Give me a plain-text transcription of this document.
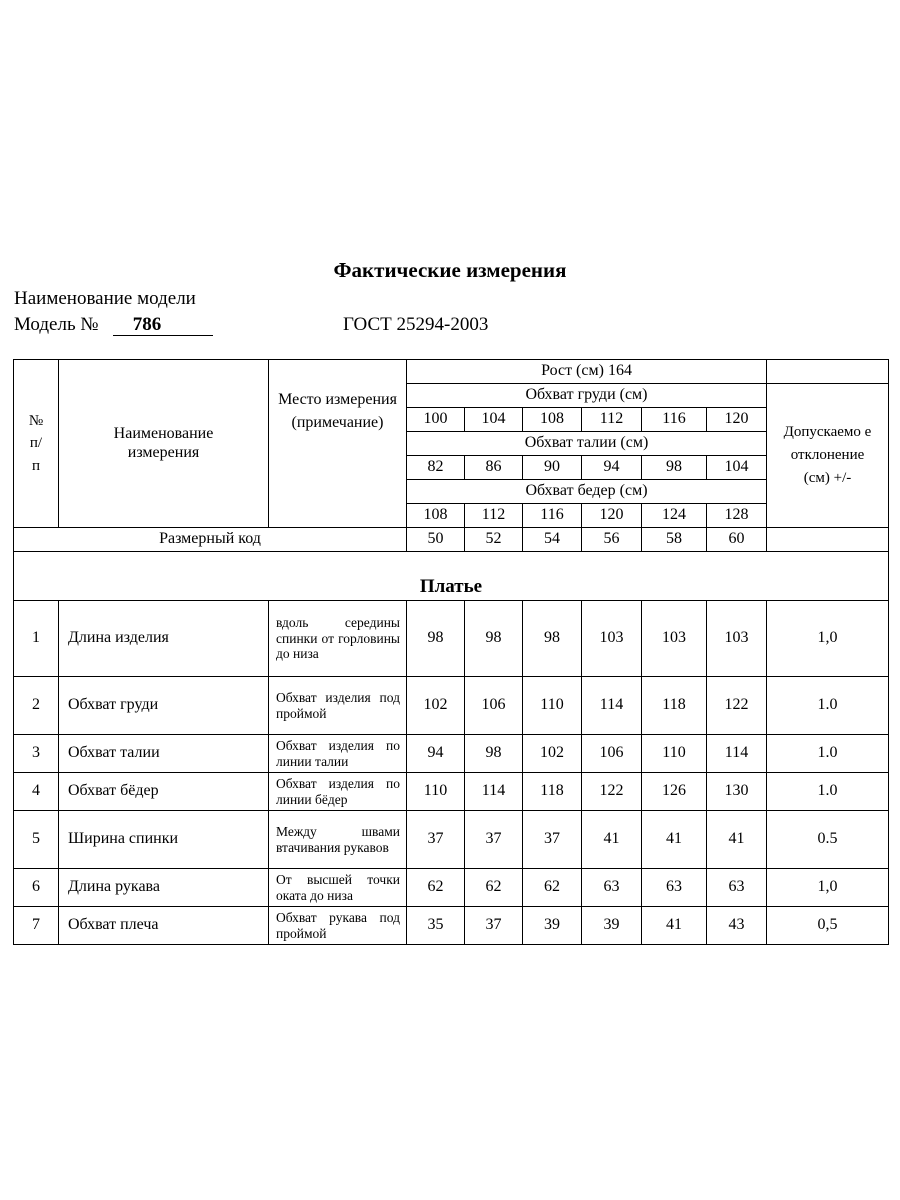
Фактические измерения
Наименование модели
Модель № 786	ГОСТ 25294-2003
№ п/ п	Наименование измерения	Место измерения (примечание)	Рост (см) 164						
			Обхват груди (см)						Допускаемо е отклонение (см) +/-
			100	104	108	112	116	120	
			Обхват талии (см)						
			82	86	90	94	98	104	
			Обхват бедер (см)						
			108	112	116	120	124	128	
Размерный код			50	52	54	56	58	60	
Платье									
1	Длина изделия	вдоль середины спинки от горловины до низа	98	98	98	103	103	103	1,0
2	Обхват груди	Обхват изделия под проймой	102	106	110	114	118	122	1.0
3	Обхват талии	Обхват изделия по линии талии	94	98	102	106	110	114	1.0
4	Обхват бёдер	Обхват изделия по линии бёдер	110	114	118	122	126	130	1.0
5	Ширина спинки	Между швами втачивания рукавов	37	37	37	41	41	41	0.5
6	Длина рукава	От высшей точки оката до низа	62	62	62	63	63	63	1,0
7	Обхват плеча	Обхват рукава под проймой	35	37	39	39	41	43	0,5
